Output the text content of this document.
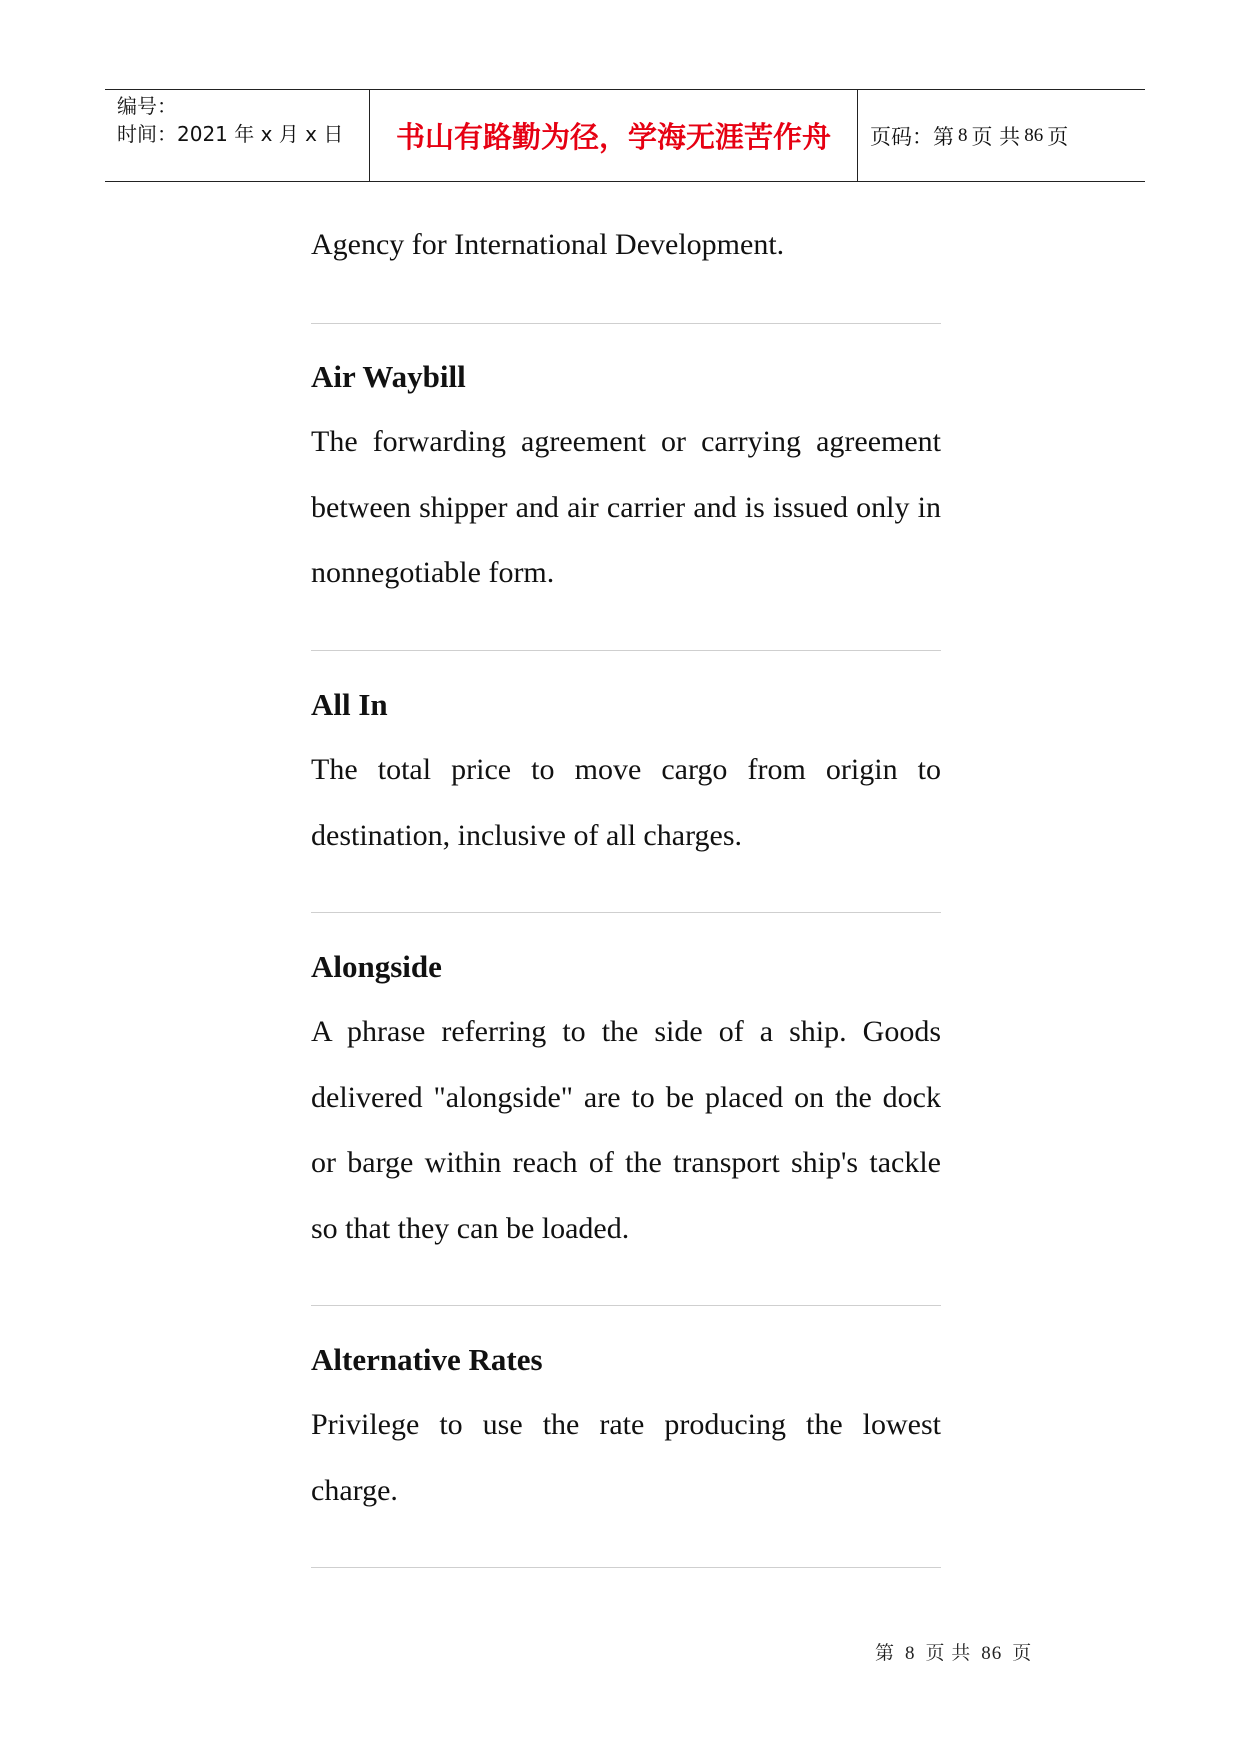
编号：
时间：2021 年 x 月 x 日	书山有路勤为径，学海无涯苦作舟 页码：第 8 页 共 86 页

Agency for International Development.

Air Waybill

The forwarding agreement or carrying agreement between shipper and air carrier and is issued only in nonnegotiable form.

All In

The total price to move cargo from origin to destination, inclusive of all charges.

Alongside

A phrase referring to the side of a ship. Goods delivered "alongside" are to be placed on the dock or barge within reach of the transport ship's tackle so that they can be loaded.

Alternative Rates

Privilege to use the rate producing the lowest charge.

第 8 页 共 86 页
